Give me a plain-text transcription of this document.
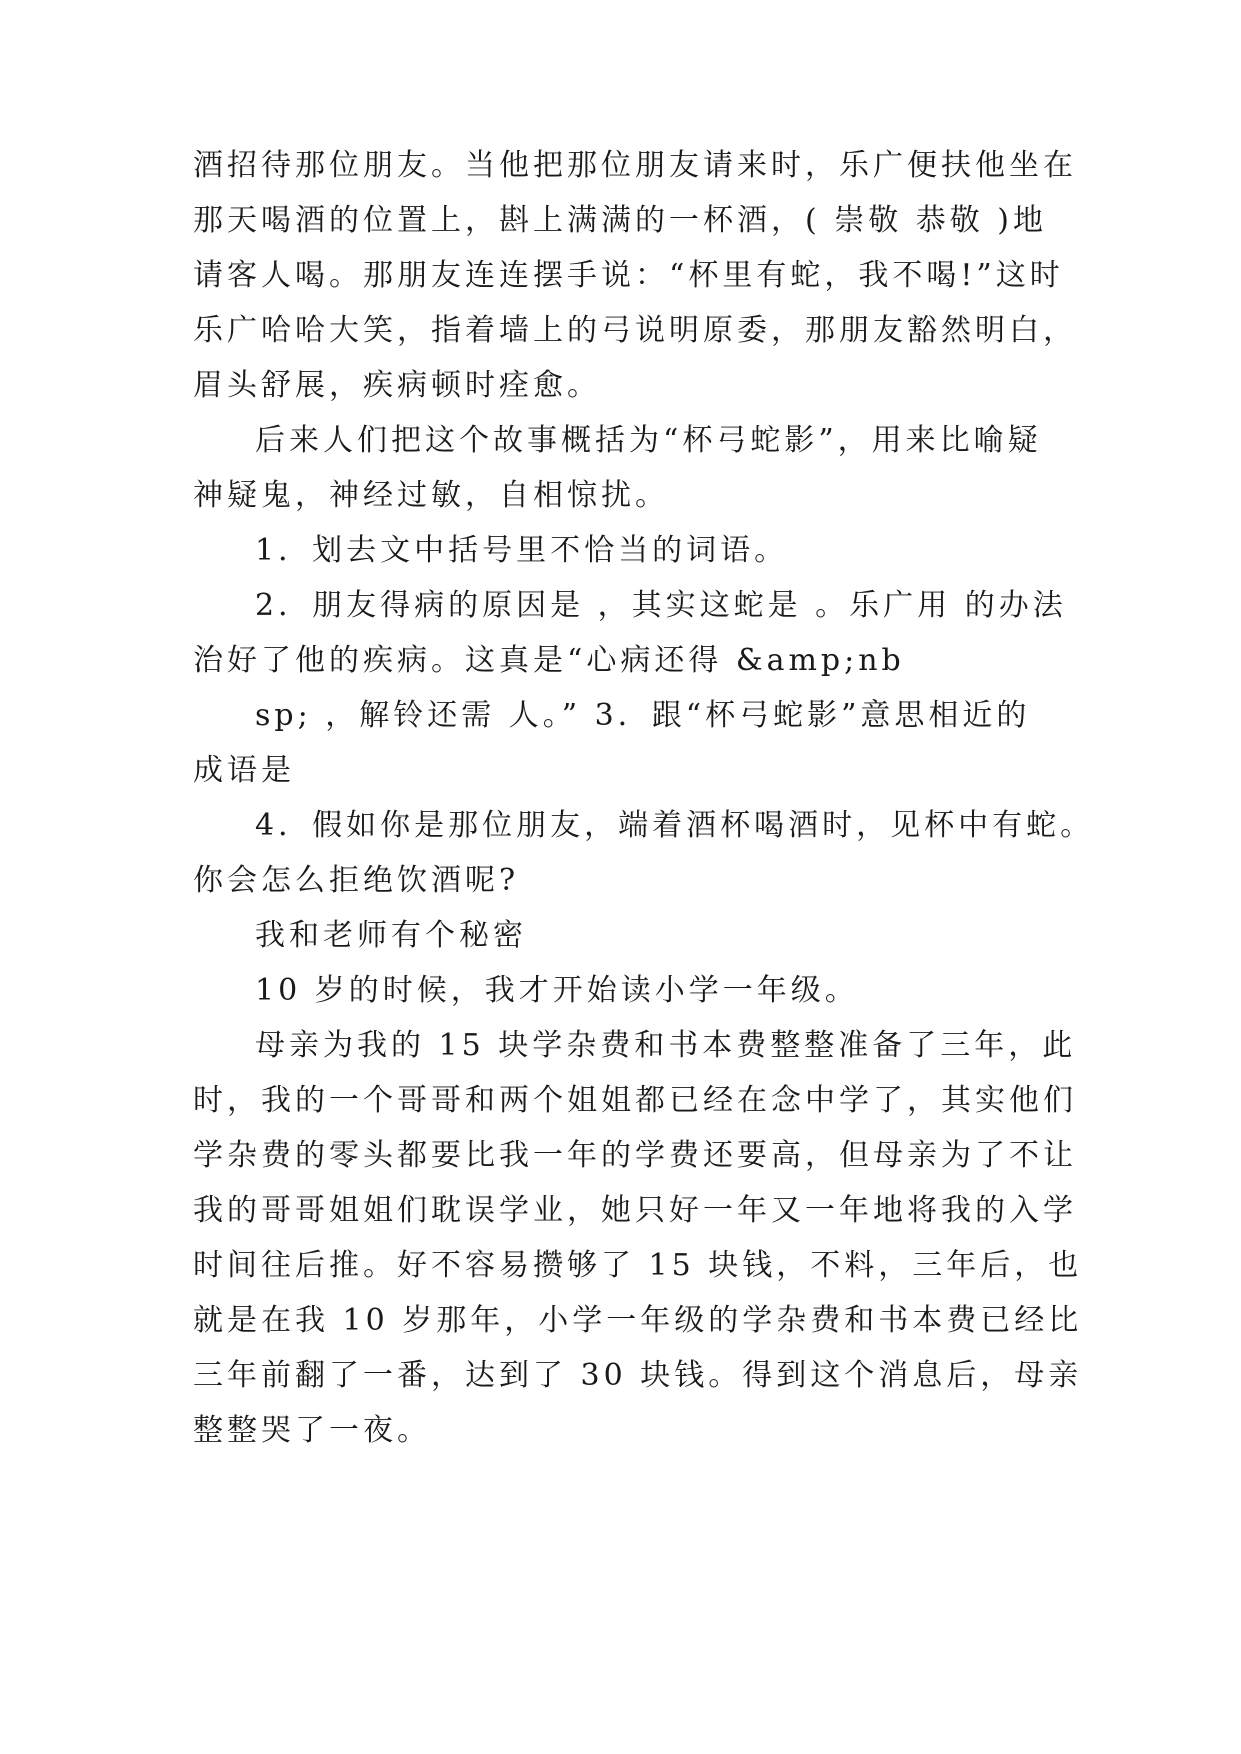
酒招待那位朋友。当他把那位朋友请来时，乐广便扶他坐在

那天喝酒的位置上，斟上满满的一杯酒，( 崇敬 恭敬 )地

请客人喝。那朋友连连摆手说：“杯里有蛇，我不喝!”这时

乐广哈哈大笑，指着墙上的弓说明原委，那朋友豁然明白，

眉头舒展，疾病顿时痊愈。

后来人们把这个故事概括为“杯弓蛇影”，用来比喻疑

神疑鬼，神经过敏，自相惊扰。

1．划去文中括号里不恰当的词语。

2．朋友得病的原因是 ，其实这蛇是 。乐广用 的办法

治好了他的疾病。这真是“心病还得 &amp;nb

sp; ，解铃还需 人。” 3．跟“杯弓蛇影”意思相近的

成语是

4．假如你是那位朋友，端着酒杯喝酒时，见杯中有蛇。

你会怎么拒绝饮酒呢?

我和老师有个秘密

10 岁的时候，我才开始读小学一年级。

母亲为我的 15 块学杂费和书本费整整准备了三年，此

时，我的一个哥哥和两个姐姐都已经在念中学了，其实他们

学杂费的零头都要比我一年的学费还要高，但母亲为了不让

我的哥哥姐姐们耽误学业，她只好一年又一年地将我的入学

时间往后推。好不容易攒够了 15 块钱，不料，三年后，也

就是在我 10 岁那年，小学一年级的学杂费和书本费已经比

三年前翻了一番，达到了 30 块钱。得到这个消息后，母亲

整整哭了一夜。
